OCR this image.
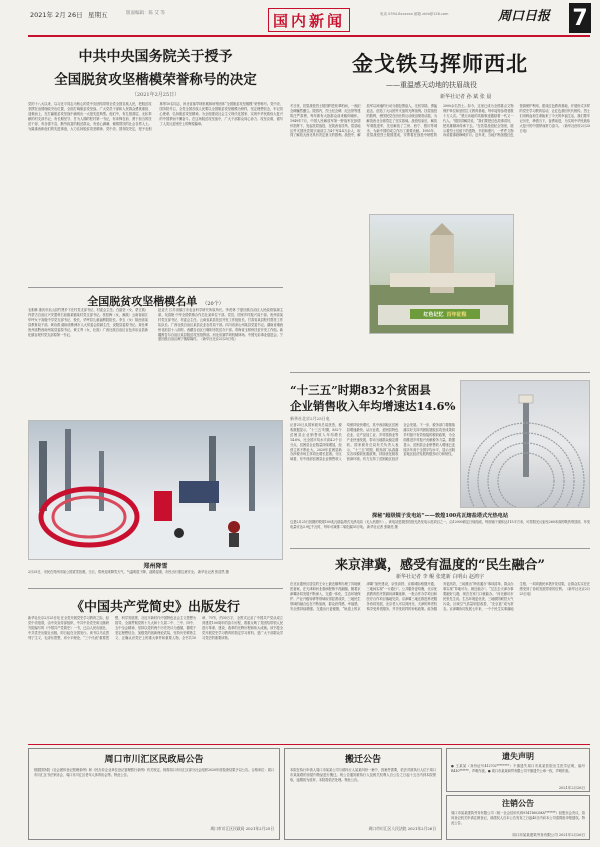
2021年 2月 26日 星期五	版面编辑：陈 艾 等	国内新闻	电话 0394-8xxxxxx 邮箱 zkrb@126.com	周口日报 7
中共中央国务院关于授予
全国脱贫攻坚楷模荣誉称号的决定
（2021年2月25日）
党的十八大以来，以习近平同志为核心的党中央团结带领全党全国各族人民，把脱贫攻坚摆在治国理政突出位置，全面打响脱贫攻坚战。广大党员干部和人民群众勇挑重担、迎难而上，在打赢脱贫攻坚战中涌现出一大批先进典型。他们中，有扎根基层、无私奉献的村支部书记，有长期坚守、甘为人梯的驻村第一书记，有冲锋在前、勇于担当的扶贫干部，有自强不息、勤劳致富的脱贫群众，有爱心满满、倾情帮扶的社会各界人士。为隆重表彰他们的先进事迹，大力弘扬脱贫攻坚精神，党中央、国务院决定，授予毛相林等10名同志，河北省塞罕坝机械林场等团体“全国脱贫攻坚楷模”荣誉称号。党中央、国务院号召，全党全国各族人民要以全国脱贫攻坚楷模为榜样，坚定理想信念，牢记初心使命，弘扬脱贫攻坚精神，为全面建设社会主义现代化国家、实现中华民族伟大复兴的中国梦而不懈奋斗。在这场脱贫攻坚战中，广大干部群众同心协力、攻坚克难，谱写了人类反贫困史上的辉煌篇章。
全国脱贫攻坚楷模名单 （20个）
毛相林 重庆市巫山县竹贤乡下庄村党支部书记、村委会主任。白晶莹（女，蒙古族）内蒙古自治区兴安盟科右前旗某镇某村党支部书记。张桂梅（女，满族）云南省丽江华坪女子高级中学党支部书记、校长，华坪县儿童福利院院长。李玉（女）陕西省某县教育局干部。黄诗燕 湖南省株洲市人大常委会原副主任，炎陵县委原书记。姜仕坤 贵州省黔西南州某县委原书记。黄文秀（女，壮族）广西壮族自治区百色市乐业县新化镇百坭村党支部原第一书记。
赵亚夫 江苏省镇江市农业科学研究所原所长。李虎林 宁夏回族自治区人民政府原副主席。吴春艳 中华全国供销合作总社某单位干部。党员，国家乡村振兴局干部。贵州省某村党支部书记、村委会主任。云南省某县扶贫开发工作组组长。甘肃省某县驻村帮扶工作队队长。广西壮族自治区某县农业农村局干部。四川省凉山州某县党委书记。湖南省湘西州花垣县十八洞村。西藏自治区日喀则市扶贫办干部。青海省玉树州扶贫开发工作组。新疆维吾尔自治区某县脱贫攻坚指挥部。河北省塞罕坝机械林场。中国光彩事业促进会。宁夏回族自治区闽宁镇原隆村。（新华社北京2月25日电）
郑州降雪
2月25日，市民在郑州市某公园赏雪拍照。当日，郑州迎来降雪天气，气温明显下降，道路湿滑，市民出行需注意安全。 新华社记者 张浩然 摄
《中国共产党简史》出版发行
新华社北京2月25日电 在全党开展党史学习教育之际，经党中央批准，由中央宣传部组织、中共中央党史和文献研究院编写的《中国共产党简史》一书，已由人民出版社、中共党史出版社出版，即日起在全国发行。该书以马克思列宁主义、毛泽东思想、邓小平理论、“三个代表”重要思想、科学发展观、习近平新时代中国特色社会主义思想为指导，全面贯彻党的十九大和十九届二中、三中、四中、五中全会精神，坚持以党的两个历史决议为遵循，着眼于坚定理想信念、加强党的创新理论武装、坚持历史唯物主义、正确认识党史上的重大事件和重要人物。全书共10章、70节，约30万字，全景式记录了中国共产党从成立到建党100周年的奋斗历程，着重反映了党团结带领人民进行革命、建设、改革的光辉历程和伟大成就。该书是全党开展党史学习教育的指定学习材料，是广大干部群众学习党史的重要读物。
金戈铁马挥师西北
——重温感天动地的扶眉战役
新华社记者 孙 斌 张 晨
冬日里，扶眉战役烈士陵园的苍松翠柏间，一座纪念碑巍然矗立。陵园内，烈士纪念碑、纪念馆等建筑庄严肃穆，每年都有大批群众前来瞻仰缅怀。1949年7月，中国人民解放军第一野战军在彭德怀指挥下，发起扶眉战役，在陕西省扶风、眉县地区歼灭国民党胡宗南部主力4个军4.4万余人，取得了解放大西北具有决定意义的胜利。战役中，解放军以神速的行动分割包围敌人，迂回穿插、勇猛追击，创造了大兵团歼灭战的光辉战例。扶眉战役的胜利，使国民党在西北的反动统治彻底动摇，为解放西北全境奠定了坚实基础。战役结束后，解放军乘胜进军，先后解放了兰州、西宁、银川等城市，为新中国的成立作出了重要贡献。1955年，扶眉战役烈士陵园建成，安葬着在战役中牺牲的2000余名烈士。如今，这里已成为全国重点文物保护单位和爱国主义教育基地，每年接待参观者数十万人次。“感天动地的英雄事迹激励着一代又一代人。”陵园讲解员说，“我们要把红色故事讲好，把英雄精神传承下去。”在扶眉战役纪念馆里，展示着烈士们留下的遗物、书信和照片，一件件文物诉说着那段峥嵘岁月。近年来，当地不断加强红色资源保护利用，建成红色教育基地，开展形式多样的党史学习教育活动，让红色基因代代相传。烈士们用鲜血和生命换来了今天的幸福生活，我们要牢记历史，珍惜当下，奋勇前进，为实现中华民族伟大复兴的中国梦而努力奋斗。（新华社西安2月25日电）
红色记忆 百年征程
“十三五”时期832个贫困县
企业销售收入年均增速达14.6%
新华社北京2月25日电
记者25日从国家税务总局获悉，税收数据显示，“十三五”时期，832个贫困县企业销售收入年均增长14.6%，比全国平均水平高4.2个百分点。贫困县企业数量持续增加，经营主体不断壮大，2020年贫困县新办涉税市场主体同比增长显著。分区域看，东中西部贫困县企业销售收入均保持较快增长，其中西部地区贫困县增速最快。从行业看，贫困县特色农业、农产品加工业、乡村旅游业等产业快速发展，带动当地群众稳定增收。国家税务总局有关负责人表示，“十三五”时期，税务部门认真落实各项税收优惠政策，持续优化税收营商环境，有力支持了贫困地区经济社会发展。下一步，税务部门将继续落实好支持巩固拓展脱贫攻坚成果同乡村振兴有效衔接的税收政策，为全面推进乡村振兴贡献税务力量。数据显示，贫困县企业销售收入增速已连续多年高于全国平均水平，显示出脱贫地区经济发展的强劲动力和韧性。
探秘“超级镜子发电站”——敦煌100兆瓦熔盐塔式光热电站
这是2月25日拍摄的敦煌100兆瓦熔盐塔式光热电站（无人机照片）。该电站是我国首批光热发电示范项目之一，由12000面定日镜组成，每面镜子面积达115平方米，可将阳光反射至260米高的吸热塔顶部，年发电量可达3.9亿千瓦时，每年可减排二氧化碳35万吨。 新华社记者 张晓亮 摄
来京津冀，感受有温度的“民生融合”
新华社记者 李 鲲 张建新 白明山 赵鸿宇
在北京通州区居住的王女士最近顺利办理了异地就医备案，在天津和河北看病报销不再跑腿。随着京津冀协同发展不断深入，交通一体化、生态环境保护、产业升级转移等领域取得显著成效，三地民生领域的融合也在不断加深，群众获得感、幸福感、安全感持续增强。交通出行更便捷，“轨道上的京津冀”加快建设，京张高铁、京雄城际相继开通，三地间实现“一卡通行”。公共服务更均衡，北京优质教育医疗资源向津冀延伸，一批合作办学项目和医疗合作项目落地见效。京津冀三地还推进养老服务协同发展，北京老人可以到河北、天津的养老机构享受养老服务，并享受同样的补贴政策。政务服务更高效，三地推出“跨省通办”事项清单，群众办事实现“异地可办、就近能办”。“过去去天津办事要跑好几趟，现在在家门口就能办。”河北廊坊市民张先生说。生态环境更优美，三地联防联控大气污染，区域空气质量明显改善，“北京蓝”成为常态。京津冀协同发展七年来，一个个民生实事落地生根，一项项惠民举措开花结果，让群众实实在在感受到了协同发展带来的红利。（新华社北京2月25日电）
周口市川汇区民政局公告
根据国务院《社会团体登记管理条例》和《民办非企业单位登记管理暂行条例》有关规定，现将周口市川汇区部分社会组织2020年度检查结果予以公告。合格单位：周口市川汇区书法家协会、周口市川汇区老年人体育协会等。特此公告。
周口市川汇区民政局 2021年2月25日
搬迁公告
本院在执行申请人周口市某某公司与被执行人某某纠纷一案中，因案件需要，依法对被执行人位于周口市某某路的房屋内物品进行搬迁。现公告通知被执行人及相关权利人自公告之日起十五日内到本院领取，逾期视为放弃，本院将依法处理。特此公告。
周口市川汇区人民法院 2021年2月26日
遗失声明
● 王某某（身份证号412702********）不慎遗失周口市某某医院出生医学证明，编号R410******，声明作废。● 周口市某某商贸有限公司不慎遗失公章一枚，声明作废。
2021年2月26日
注销公告
周口市某某建筑劳务有限公司（统一社会信用代码91411602MA*******）经股东会决议，拟向登记机关申请注销登记，请债权人自本公告发布之日起45日内向本公司清算组申报债权。特此公告。
周口市某某建筑劳务有限公司 2021年2月26日
